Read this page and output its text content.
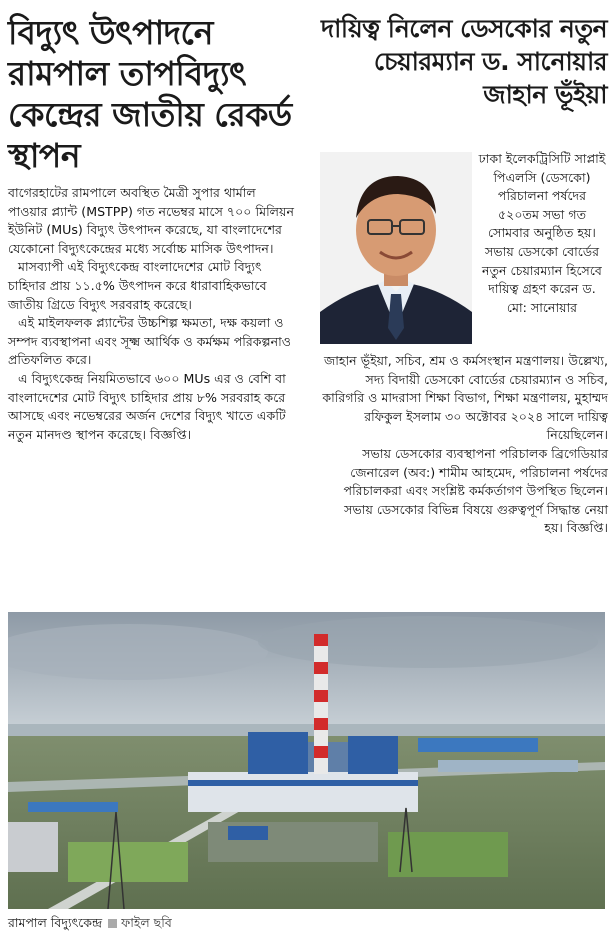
বিদ্যুৎ উৎপাদনে রামপাল তাপবিদ্যুৎ কেন্দ্রের জাতীয় রেকর্ড স্থাপন

বাগেরহাটের রামপালে অবস্থিত মৈত্রী সুপার থার্মাল পাওয়ার প্ল্যান্ট (MSTPP) গত নভেম্বর মাসে ৭০০ মিলিয়ন ইউনিট (MUs) বিদ্যুৎ উৎপাদন করেছে, যা বাংলাদেশের যেকোনো বিদ্যুৎকেন্দ্রের মধ্যে সর্বোচ্চ মাসিক উৎপাদন।

মাসব্যাপী এই বিদ্যুৎকেন্দ্র বাংলাদেশের মোট বিদ্যুৎ চাহিদার প্রায় ১১.৫% উৎপাদন করে ধারাবাহিকভাবে জাতীয় গ্রিডে বিদ্যুৎ সরবরাহ করেছে।

এই মাইলফলক প্ল্যান্টের উচ্চশিল্প ক্ষমতা, দক্ষ কয়লা ও সম্পদ ব্যবস্থাপনা এবং সূক্ষ্ম আর্থিক ও কর্মক্ষম পরিকল্পনাও প্রতিফলিত করে।

এ বিদ্যুৎকেন্দ্র নিয়মিতভাবে ৬০০ MUs এর ও বেশি বা বাংলাদেশের মোট বিদ্যুৎ চাহিদার প্রায় ৮% সরবরাহ করে আসছে এবং নভেম্বরের অর্জন দেশের বিদ্যুৎ খাতে একটি নতুন মানদণ্ড স্থাপন করেছে। বিজ্ঞপ্তি।

দায়িত্ব নিলেন ডেসকোর নতুন চেয়ারম্যান ড. সানোয়ার জাহান ভূঁইয়া

ঢাকা ইলেকট্রিসিটি সাপ্লাই পিএলসি (ডেসকো) পরিচালনা পর্ষদের ৫২০তম সভা গত সোমবার অনুষ্ঠিত হয়। সভায় ডেসকো বোর্ডের নতুন চেয়ারম্যান হিসেবে দায়িত্ব গ্রহণ করেন ড. মো: সানোয়ার

জাহান ভূঁইয়া, সচিব, শ্রম ও কর্মসংস্থান মন্ত্রণালয়। উল্লেখ্য, সদ্য বিদায়ী ডেসকো বোর্ডের চেয়ারম্যান ও সচিব, কারিগরি ও মাদরাসা শিক্ষা বিভাগ, শিক্ষা মন্ত্রণালয়, মুহাম্মদ রফিকুল ইসলাম ৩০ অক্টোবর ২০২৪ সালে দায়িত্ব নিয়েছিলেন।

সভায় ডেসকোর ব্যবস্থাপনা পরিচালক ব্রিগেডিয়ার জেনারেল (অব:) শামীম আহমেদ, পরিচালনা পর্ষদের পরিচালকরা এবং সংশ্লিষ্ট কর্মকর্তাগণ উপস্থিত ছিলেন।

সভায় ডেসকোর বিভিন্ন বিষয়ে গুরুত্বপূর্ণ সিদ্ধান্ত নেয়া হয়। বিজ্ঞপ্তি।

রামপাল বিদ্যুৎকেন্দ্র ফাইল ছবি
